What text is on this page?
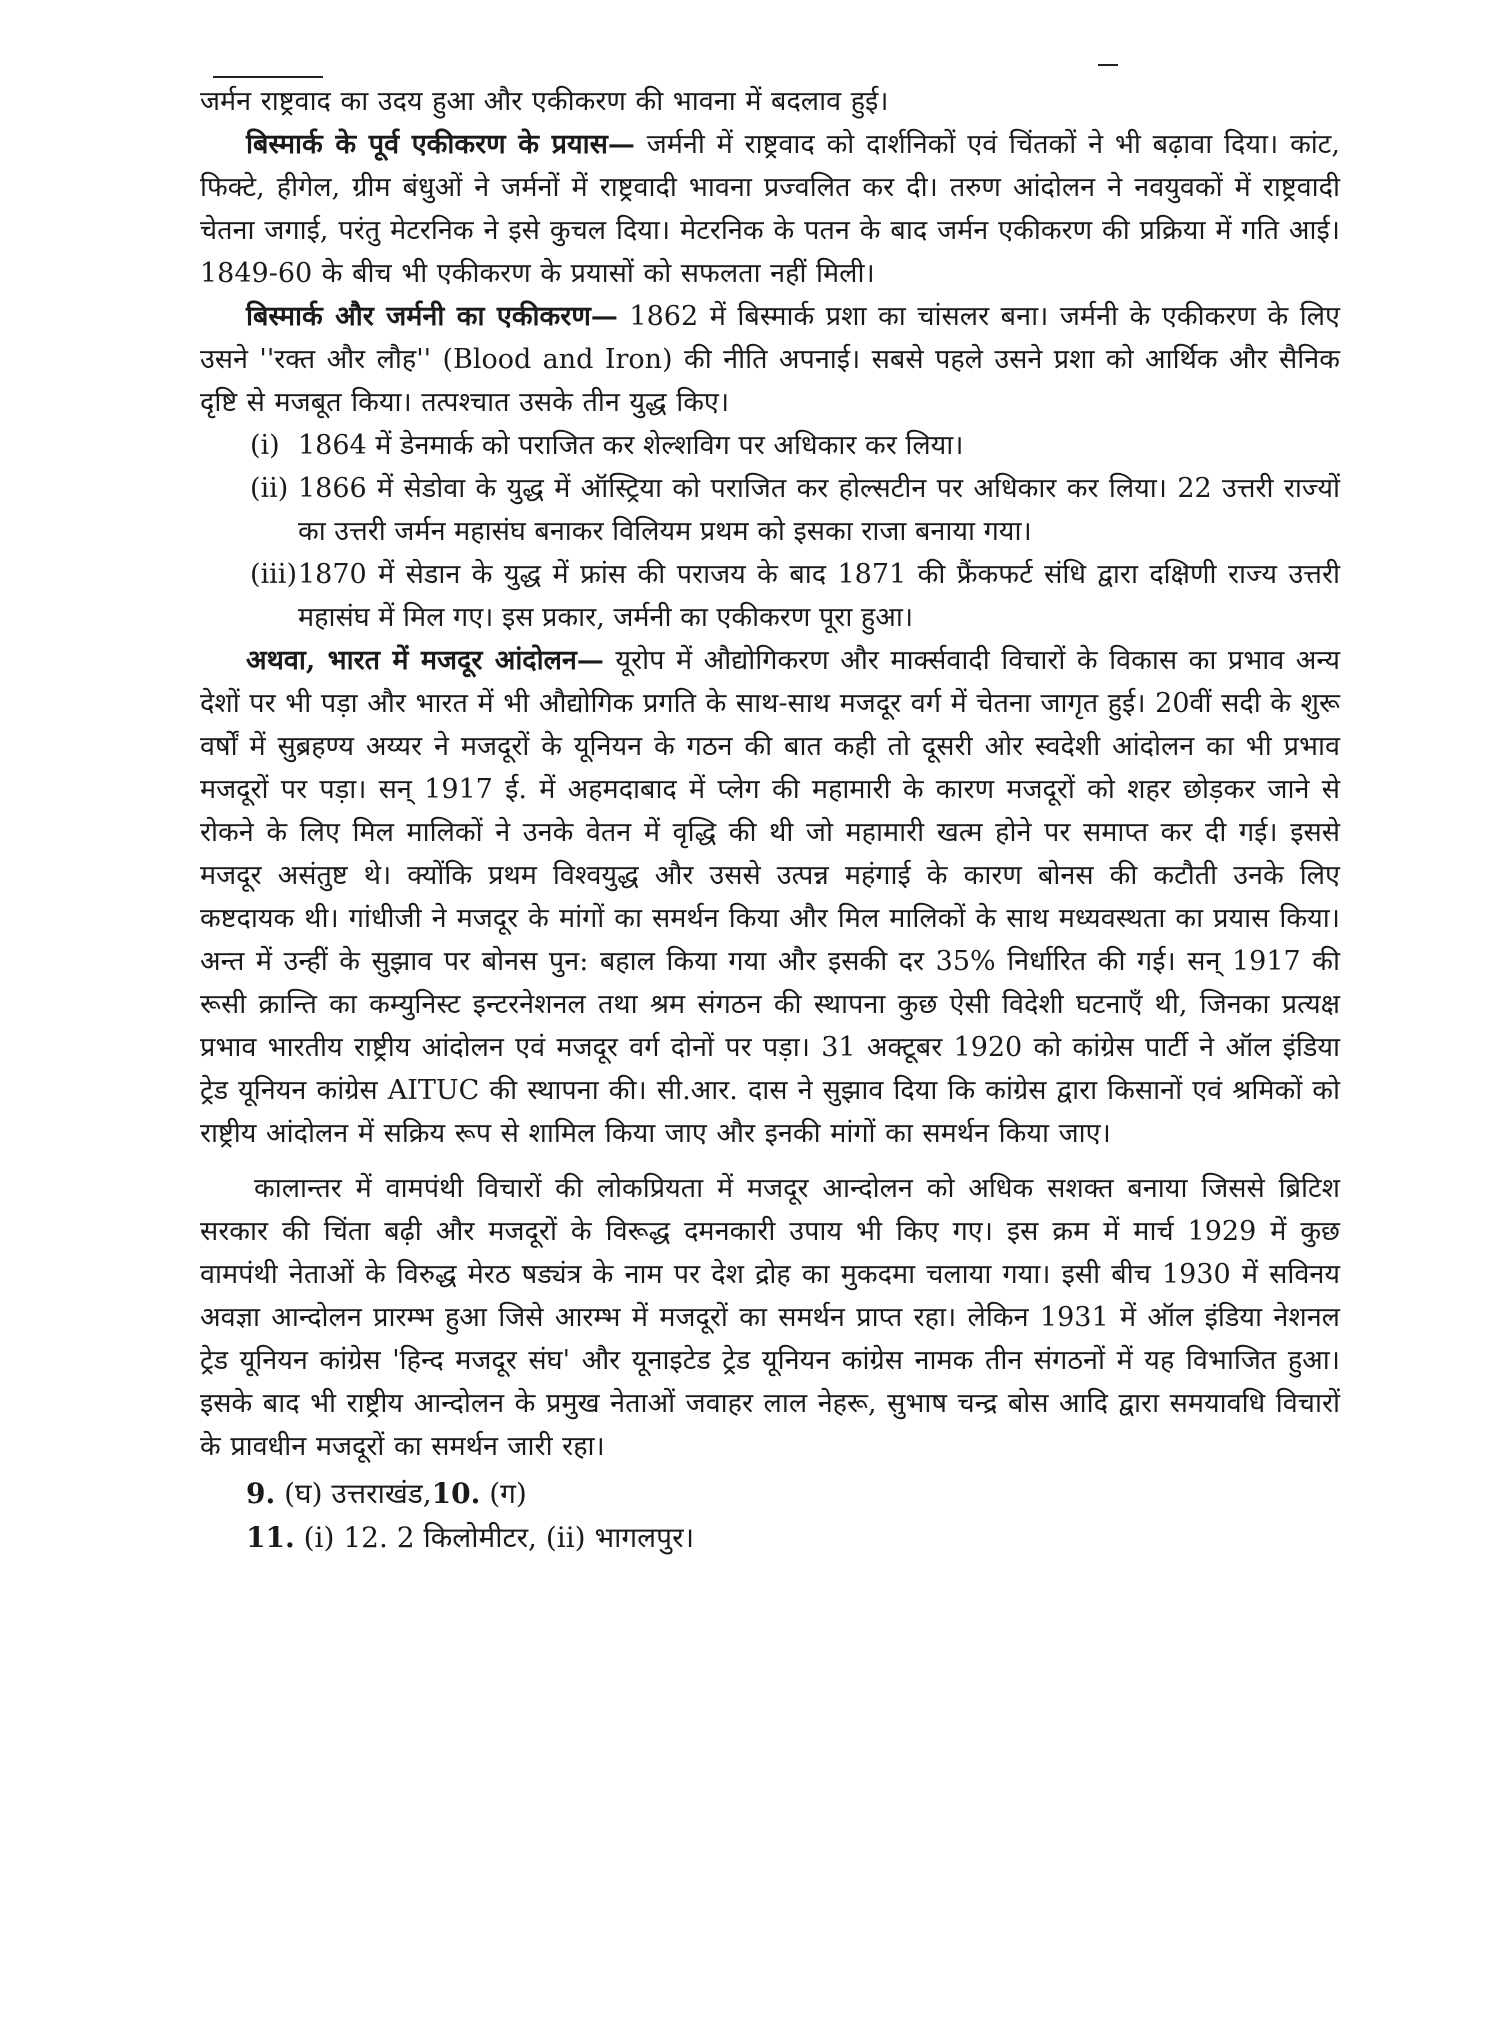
जर्मन राष्ट्रवाद का उदय हुआ और एकीकरण की भावना में बदलाव हुई।

बिस्मार्क के पूर्व एकीकरण के प्रयास— जर्मनी में राष्ट्रवाद को दार्शनिकों एवं चिंतकों ने भी बढ़ावा दिया। कांट, फिक्टे, हीगेल, ग्रीम बंधुओं ने जर्मनों में राष्ट्रवादी भावना प्रज्वलित कर दी। तरुण आंदोलन ने नवयुवकों में राष्ट्रवादी चेतना जगाई, परंतु मेटरनिक ने इसे कुचल दिया। मेटरनिक के पतन के बाद जर्मन एकीकरण की प्रक्रिया में गति आई। 1849-60 के बीच भी एकीकरण के प्रयासों को सफलता नहीं मिली।

बिस्मार्क और जर्मनी का एकीकरण— 1862 में बिस्मार्क प्रशा का चांसलर बना। जर्मनी के एकीकरण के लिए उसने ''रक्त और लौह'' (Blood and Iron) की नीति अपनाई। सबसे पहले उसने प्रशा को आर्थिक और सैनिक दृष्टि से मजबूत किया। तत्पश्चात उसके तीन युद्ध किए।

(i) 1864 में डेनमार्क को पराजित कर शेल्शविग पर अधिकार कर लिया।
(ii) 1866 में सेडोवा के युद्ध में ऑस्ट्रिया को पराजित कर होल्सटीन पर अधिकार कर लिया। 22 उत्तरी राज्यों का उत्तरी जर्मन महासंघ बनाकर विलियम प्रथम को इसका राजा बनाया गया।
(iii) 1870 में सेडान के युद्ध में फ्रांस की पराजय के बाद 1871 की फ्रैंकफर्ट संधि द्वारा दक्षिणी राज्य उत्तरी महासंघ में मिल गए। इस प्रकार, जर्मनी का एकीकरण पूरा हुआ।

अथवा, भारत में मजदूर आंदोलन— यूरोप में औद्योगिकरण और मार्क्सवादी विचारों के विकास का प्रभाव अन्य देशों पर भी पड़ा और भारत में भी औद्योगिक प्रगति के साथ-साथ मजदूर वर्ग में चेतना जागृत हुई। 20वीं सदी के शुरू वर्षों में सुब्रहण्य अय्यर ने मजदूरों के यूनियन के गठन की बात कही तो दूसरी ओर स्वदेशी आंदोलन का भी प्रभाव मजदूरों पर पड़ा। सन् 1917 ई. में अहमदाबाद में प्लेग की महामारी के कारण मजदूरों को शहर छोड़कर जाने से रोकने के लिए मिल मालिकों ने उनके वेतन में वृद्धि की थी जो महामारी खत्म होने पर समाप्त कर दी गई। इससे मजदूर असंतुष्ट थे। क्योंकि प्रथम विश्वयुद्ध और उससे उत्पन्न महंगाई के कारण बोनस की कटौती उनके लिए कष्टदायक थी। गांधीजी ने मजदूर के मांगों का समर्थन किया और मिल मालिकों के साथ मध्यवस्थता का प्रयास किया। अन्त में उन्हीं के सुझाव पर बोनस पुन: बहाल किया गया और इसकी दर 35% निर्धारित की गई। सन् 1917 की रूसी क्रान्ति का कम्युनिस्ट इन्टरनेशनल तथा श्रम संगठन की स्थापना कुछ ऐसी विदेशी घटनाएँ थी, जिनका प्रत्यक्ष प्रभाव भारतीय राष्ट्रीय आंदोलन एवं मजदूर वर्ग दोनों पर पड़ा। 31 अक्टूबर 1920 को कांग्रेस पार्टी ने ऑल इंडिया ट्रेड यूनियन कांग्रेस AITUC की स्थापना की। सी.आर. दास ने सुझाव दिया कि कांग्रेस द्वारा किसानों एवं श्रमिकों को राष्ट्रीय आंदोलन में सक्रिय रूप से शामिल किया जाए और इनकी मांगों का समर्थन किया जाए।

कालान्तर में वामपंथी विचारों की लोकप्रियता में मजदूर आन्दोलन को अधिक सशक्त बनाया जिससे ब्रिटिश सरकार की चिंता बढ़ी और मजदूरों के विरूद्ध दमनकारी उपाय भी किए गए। इस क्रम में मार्च 1929 में कुछ वामपंथी नेताओं के विरुद्ध मेरठ षड्यंत्र के नाम पर देश द्रोह का मुकदमा चलाया गया। इसी बीच 1930 में सविनय अवज्ञा आन्दोलन प्रारम्भ हुआ जिसे आरम्भ में मजदूरों का समर्थन प्राप्त रहा। लेकिन 1931 में ऑल इंडिया नेशनल ट्रेड यूनियन कांग्रेस 'हिन्द मजदूर संघ' और यूनाइटेड ट्रेड यूनियन कांग्रेस नामक तीन संगठनों में यह विभाजित हुआ। इसके बाद भी राष्ट्रीय आन्दोलन के प्रमुख नेताओं जवाहर लाल नेहरू, सुभाष चन्द्र बोस आदि द्वारा समयावधि विचारों के प्रावधीन मजदूरों का समर्थन जारी रहा।

9. (घ) उत्तराखंड,10. (ग)
11. (i) 12. 2 किलोमीटर, (ii) भागलपुर।
